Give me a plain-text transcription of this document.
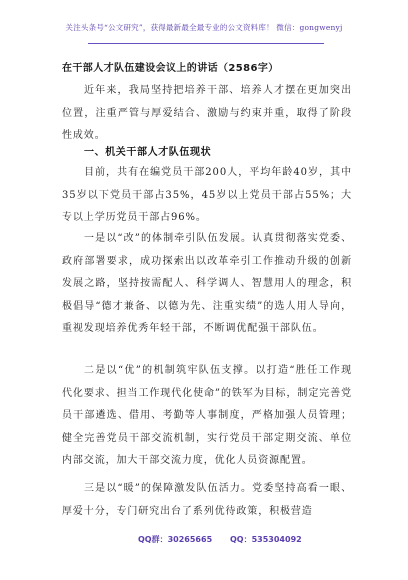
关注头条号“公文研究”，获得最新最全最专业的公文资料库！ 微信：gongwenyj
在干部人才队伍建设会议上的讲话（2586字）

近年来，我局坚持把培养干部、培养人才摆在更加突出位置，注重严管与厚爱结合、激励与约束并重，取得了阶段性成效。

一、机关干部人才队伍现状

目前，共有在编党员干部200人，平均年龄40岁，其中35岁以下党员干部占35%，45岁以上党员干部占55%；大专以上学历党员干部占96%。

一是以“改”的体制牵引队伍发展。认真贯彻落实党委、政府部署要求，成功探索出以改革牵引工作推动升级的创新发展之路，坚持按需配人、科学调人、智慧用人的理念，积极倡导“德才兼备、以德为先、注重实绩”的选人用人导向，重视发现培养优秀年轻干部，不断调优配强干部队伍。

二是以“优”的机制筑牢队伍支撑。以打造“胜任工作现代化要求、担当工作现代化使命”的铁军为目标，制定完善党员干部遴选、借用、考勤等人事制度，严格加强人员管理；健全完善党员干部交流机制，实行党员干部定期交流、单位内部交流，加大干部交流力度，优化人员资源配置。

三是以“暖”的保障激发队伍活力。党委坚持高看一眼、厚爱十分，专门研究出台了系列优待政策，积极营造

QQ群：30265665 QQ：535304092
